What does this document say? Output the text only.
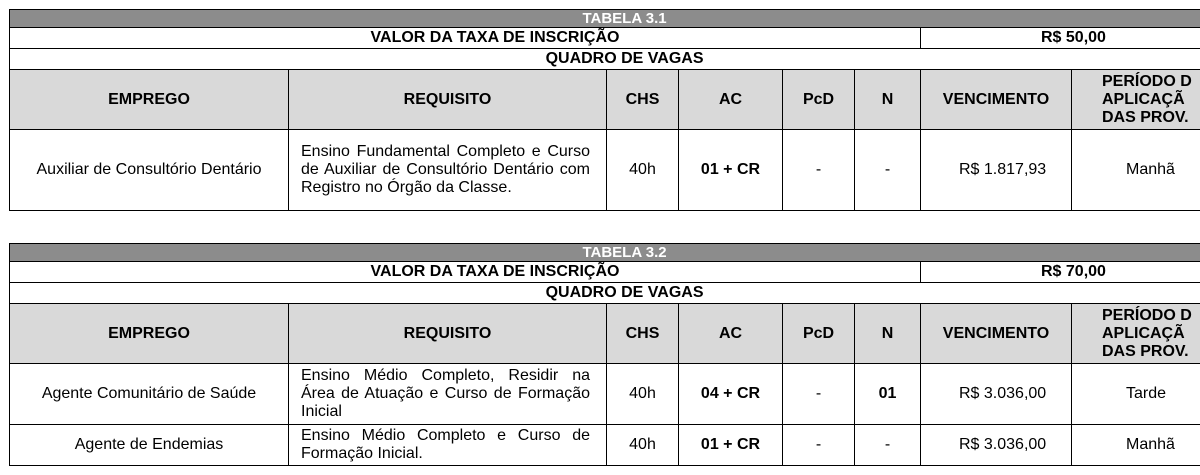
TABELA 3.1							
VALOR DA TAXA DE INSCRIÇÃO						R$ 50,00	
QUADRO DE VAGAS							
EMPREGO	REQUISITO	CHS	AC	PcD	N	VENCIMENTO	PERÍODO D
APLICAÇÃ
DAS PROV.

Auxiliar de Consultório Dentário	Ensino Fundamental Completo e Curso de Auxiliar de Consultório Dentário com Registro no Órgão da Classe.	40h	01 + CR	-	-	R$ 1.817,93	Manhã
TABELA 3.2							
VALOR DA TAXA DE INSCRIÇÃO						R$ 70,00	
QUADRO DE VAGAS							
EMPREGO	REQUISITO	CHS	AC	PcD	N	VENCIMENTO	PERÍODO D
APLICAÇÃ
DAS PROV.

Agente Comunitário de Saúde	Ensino Médio Completo, Residir na Área de Atuação e Curso de Formação Inicial	40h	04 + CR	-	01	R$ 3.036,00	Tarde
Agente de Endemias	Ensino Médio Completo e Curso de Formação Inicial.	40h	01 + CR	-	-	R$ 3.036,00	Manhã
